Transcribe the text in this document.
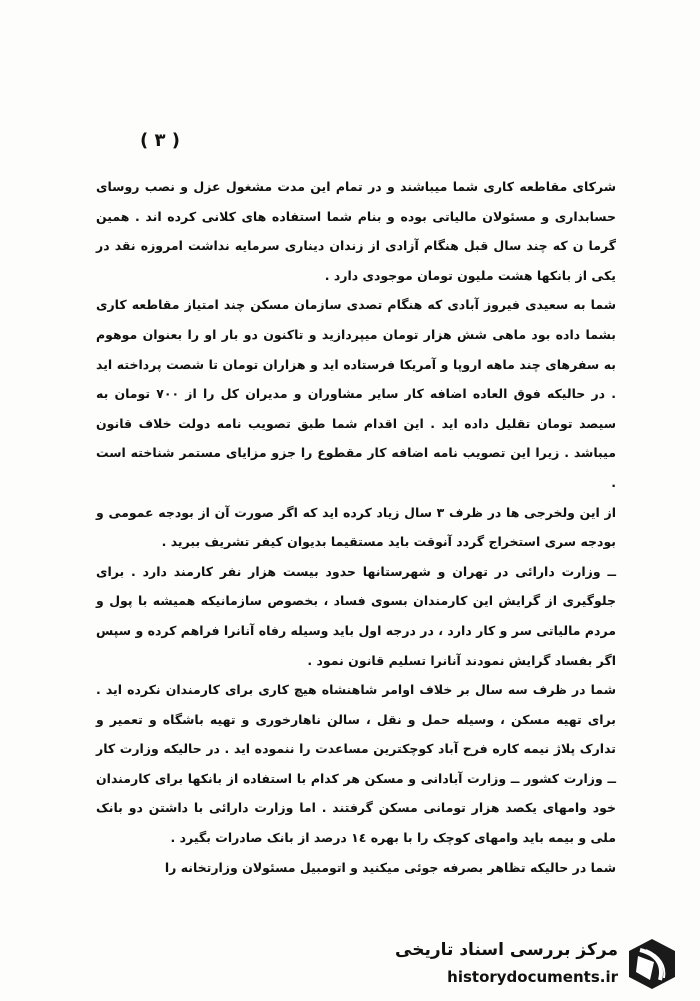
( ٣ )

شرکای مقاطعه کاری شما میباشند و در تمام این مدت مشغول عزل و نصب روسای حسابداری و مسئولان مالیاتی بوده و بنام شما استفاده های کلانی کرده اند . همین گرما ن که چند سال قبل هنگام آزادی از زندان دیناری سرمایه نداشت امروزه نقد در یکی از بانکها هشت ملیون تومان موجودی دارد .

شما به سعیدی فیروز آبادی که هنگام تصدی سازمان مسکن چند امتیاز مقاطعه کاری بشما داده بود ماهی شش هزار تومان میپردازید و تاکنون دو بار او را بعنوان موهوم به سفرهای چند ماهه اروپا و آمریکا فرستاده اید و هزاران تومان تا شصت پرداخته اید . در حالیکه فوق العاده اضافه کار سایر مشاوران و مدیران کل را از ٧٠٠ تومان به سیصد تومان تقلیل داده اید . این اقدام شما طبق تصویب نامه دولت خلاف قانون میباشد . زیرا این تصویب نامه اضافه کار مقطوع را جزو مزایای مستمر شناخته است .

از این ولخرجی ها در ظرف ٣ سال زیاد کرده اید که اگر صورت آن از بودجه عمومی و بودجه سری استخراج گردد آنوقت باید مستقیما بدیوان کیفر تشریف ببرید .

ــ وزارت دارائی در تهران و شهرستانها حدود بیست هزار نفر کارمند دارد . برای جلوگیری از گرایش این کارمندان بسوی فساد ، بخصوص سازمانیکه همیشه با پول و مردم مالیاتی سر و کار دارد ، در درجه اول باید وسیله رفاه آنانرا فراهم کرده و سپس اگر بفساد گرایش نمودند آنانرا تسلیم قانون نمود .

شما در ظرف سه سال بر خلاف اوامر شاهنشاه هیچ کاری برای کارمندان نکرده اید . برای تهیه مسکن ، وسیله حمل و نقل ، سالن ناهارخوری و تهیه باشگاه و تعمیر و تدارک پلاژ نیمه کاره فرح آباد کوچکترین مساعدت را ننموده اید . در حالیکه وزارت کار ــ وزارت کشور ــ وزارت آبادانی و مسکن هر کدام با استفاده از بانکها برای کارمندان خود وامهای یکصد هزار تومانی مسکن گرفتند . اما وزارت دارائی با داشتن دو بانک ملی و بیمه باید وامهای کوچک را با بهره ١٤ درصد از بانک صادرات بگیرد .

شما در حالیکه تظاهر بصرفه جوئی میکنید و اتومبیل مسئولان وزارتخانه را

مرکز بررسی اسناد تاریخی
historydocuments.ir
